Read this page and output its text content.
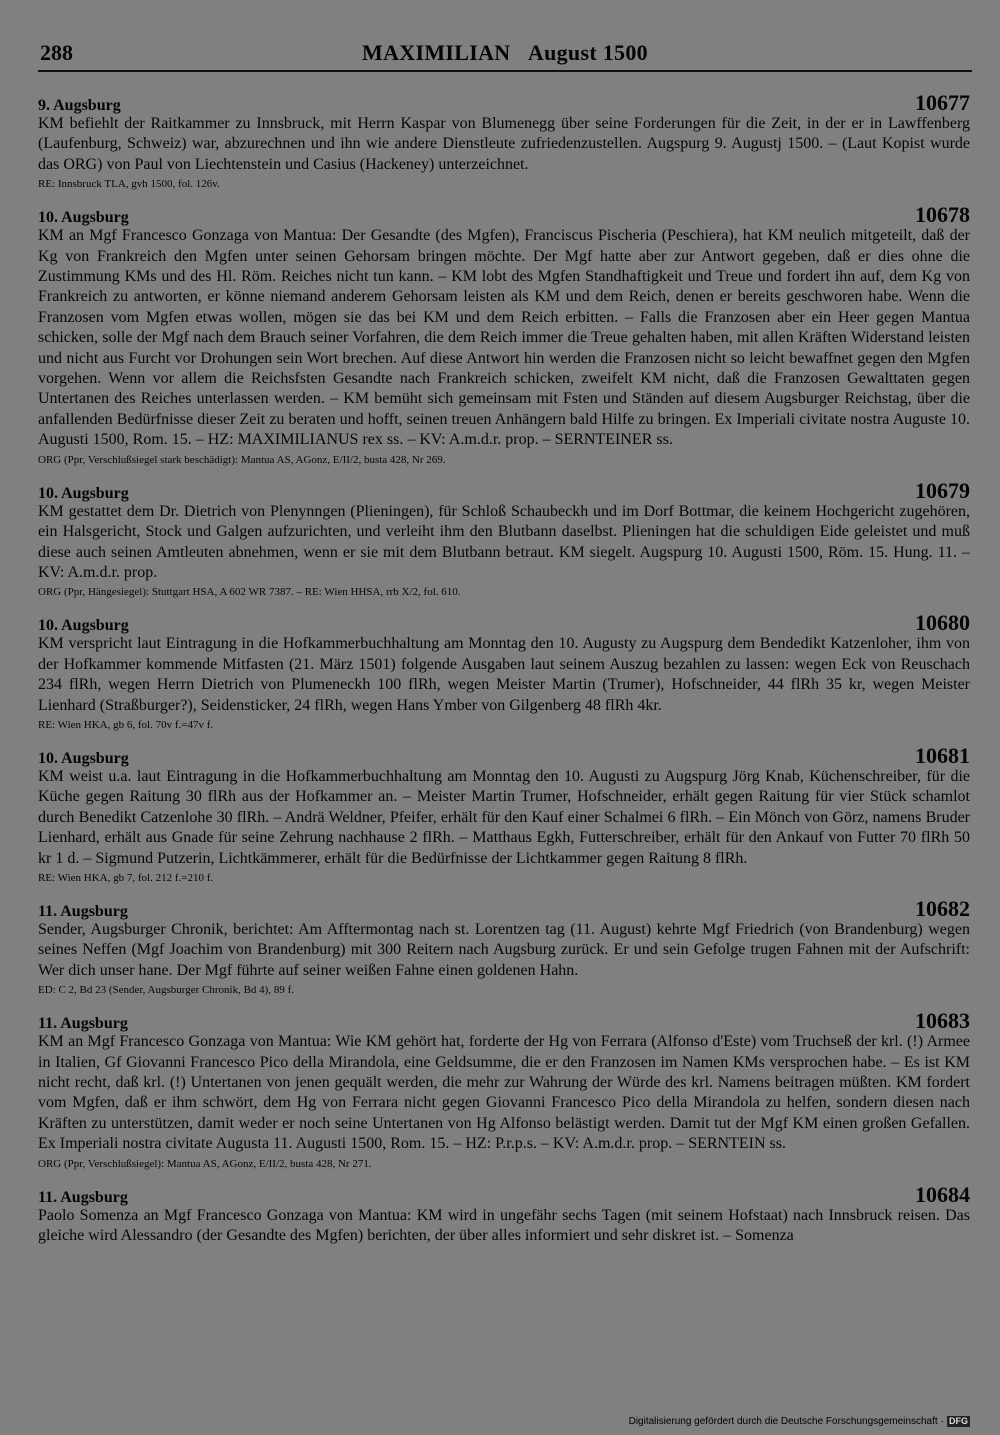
288	MAXIMILIAN August 1500
9. Augsburg	10677

KM befiehlt der Raitkammer zu Innsbruck, mit Herrn Kaspar von Blumenegg über seine Forderungen für die Zeit, in der er in Lawffenberg (Laufenburg, Schweiz) war, abzurechnen und ihn wie andere Dienstleute zufriedenzustellen. Augspurg 9. Augustj 1500. – (Laut Kopist wurde das ORG) von Paul von Liechtenstein und Casius (Hackeney) unterzeichnet.

RE: Innsbruck TLA, gvh 1500, fol. 126v.
10. Augsburg	10678

KM an Mgf Francesco Gonzaga von Mantua: Der Gesandte (des Mgfen), Franciscus Pischeria (Peschiera), hat KM neulich mitgeteilt, daß der Kg von Frankreich den Mgfen unter seinen Gehorsam bringen möchte. Der Mgf hatte aber zur Antwort gegeben, daß er dies ohne die Zustimmung KMs und des Hl. Röm. Reiches nicht tun kann. – KM lobt des Mgfen Standhaftigkeit und Treue und fordert ihn auf, dem Kg von Frankreich zu antworten, er könne niemand anderem Gehorsam leisten als KM und dem Reich, denen er bereits geschworen habe. Wenn die Franzosen vom Mgfen etwas wollen, mögen sie das bei KM und dem Reich erbitten. – Falls die Franzosen aber ein Heer gegen Mantua schicken, solle der Mgf nach dem Brauch seiner Vorfahren, die dem Reich immer die Treue gehalten haben, mit allen Kräften Widerstand leisten und nicht aus Furcht vor Drohungen sein Wort brechen. Auf diese Antwort hin werden die Franzosen nicht so leicht bewaffnet gegen den Mgfen vorgehen. Wenn vor allem die Reichsfsten Gesandte nach Frankreich schicken, zweifelt KM nicht, daß die Franzosen Gewalttaten gegen Untertanen des Reiches unterlassen werden. – KM bemüht sich gemeinsam mit Fsten und Ständen auf diesem Augsburger Reichstag, über die anfallenden Bedürfnisse dieser Zeit zu beraten und hofft, seinen treuen Anhängern bald Hilfe zu bringen. Ex Imperiali civitate nostra Auguste 10. Augusti 1500, Rom. 15. – HZ: MAXIMILIANUS rex ss. – KV: A.m.d.r. prop. – SERNTEINER ss.

ORG (Ppr, Verschlußsiegel stark beschädigt): Mantua AS, AGonz, E/II/2, busta 428, Nr 269.
10. Augsburg	10679

KM gestattet dem Dr. Dietrich von Plenynngen (Plieningen), für Schloß Schaubeckh und im Dorf Bottmar, die keinem Hochgericht zugehören, ein Halsgericht, Stock und Galgen aufzurichten, und verleiht ihm den Blutbann daselbst. Plieningen hat die schuldigen Eide geleistet und muß diese auch seinen Amtleuten abnehmen, wenn er sie mit dem Blutbann betraut. KM siegelt. Augspurg 10. Augusti 1500, Röm. 15. Hung. 11. – KV: A.m.d.r. prop.

ORG (Ppr, Hängesiegel): Stuttgart HSA, A 602 WR 7387. – RE: Wien HHSA, rrb X/2, fol. 610.
10. Augsburg	10680

KM verspricht laut Eintragung in die Hofkammerbuchhaltung am Monntag den 10. Augusty zu Augspurg dem Bendedikt Katzenloher, ihm von der Hofkammer kommende Mitfasten (21. März 1501) folgende Ausgaben laut seinem Auszug bezahlen zu lassen: wegen Eck von Reuschach 234 flRh, wegen Herrn Dietrich von Plumeneckh 100 flRh, wegen Meister Martin (Trumer), Hofschneider, 44 flRh 35 kr, wegen Meister Lienhard (Straßburger?), Seidensticker, 24 flRh, wegen Hans Ymber von Gilgenberg 48 flRh 4kr.

RE: Wien HKA, gb 6, fol. 70v f.=47v f.
10. Augsburg	10681

KM weist u.a. laut Eintragung in die Hofkammerbuchhaltung am Monntag den 10. Augusti zu Augspurg Jörg Knab, Küchenschreiber, für die Küche gegen Raitung 30 flRh aus der Hofkammer an. – Meister Martin Trumer, Hofschneider, erhält gegen Raitung für vier Stück schamlot durch Benedikt Catzenlohe 30 flRh. – Andrä Weldner, Pfeifer, erhält für den Kauf einer Schalmei 6 flRh. – Ein Mönch von Görz, namens Bruder Lienhard, erhält aus Gnade für seine Zehrung nachhause 2 flRh. – Matthaus Egkh, Futterschreiber, erhält für den Ankauf von Futter 70 flRh 50 kr 1 d. – Sigmund Putzerin, Lichtkämmerer, erhält für die Bedürfnisse der Lichtkammer gegen Raitung 8 flRh.

RE: Wien HKA, gb 7, fol. 212 f.=210 f.
11. Augsburg	10682

Sender, Augsburger Chronik, berichtet: Am Afftermontag nach st. Lorentzen tag (11. August) kehrte Mgf Friedrich (von Brandenburg) wegen seines Neffen (Mgf Joachim von Brandenburg) mit 300 Reitern nach Augsburg zurück. Er und sein Gefolge trugen Fahnen mit der Aufschrift: Wer dich unser hane. Der Mgf führte auf seiner weißen Fahne einen goldenen Hahn.

ED: C 2, Bd 23 (Sender, Augsburger Chronik, Bd 4), 89 f.
11. Augsburg	10683

KM an Mgf Francesco Gonzaga von Mantua: Wie KM gehört hat, forderte der Hg von Ferrara (Alfonso d'Este) vom Truchseß der krl. (!) Armee in Italien, Gf Giovanni Francesco Pico della Mirandola, eine Geldsumme, die er den Franzosen im Namen KMs versprochen habe. – Es ist KM nicht recht, daß krl. (!) Untertanen von jenen gequält werden, die mehr zur Wahrung der Würde des krl. Namens beitragen müßten. KM fordert vom Mgfen, daß er ihm schwört, dem Hg von Ferrara nicht gegen Giovanni Francesco Pico della Mirandola zu helfen, sondern diesen nach Kräften zu unterstützen, damit weder er noch seine Untertanen von Hg Alfonso belästigt werden. Damit tut der Mgf KM einen großen Gefallen. Ex Imperiali nostra civitate Augusta 11. Augusti 1500, Rom. 15. – HZ: P.r.p.s. – KV: A.m.d.r. prop. – SERNTEIN ss.

ORG (Ppr, Verschlußsiegel): Mantua AS, AGonz, E/II/2, busta 428, Nr 271.
11. Augsburg	10684

Paolo Somenza an Mgf Francesco Gonzaga von Mantua: KM wird in ungefähr sechs Tagen (mit seinem Hofstaat) nach Innsbruck reisen. Das gleiche wird Alessandro (der Gesandte des Mgfen) berichten, der über alles informiert und sehr diskret ist. – Somenza

Digitalisierung gefördert durch die Deutsche Forschungsgemeinschaft · DFG
